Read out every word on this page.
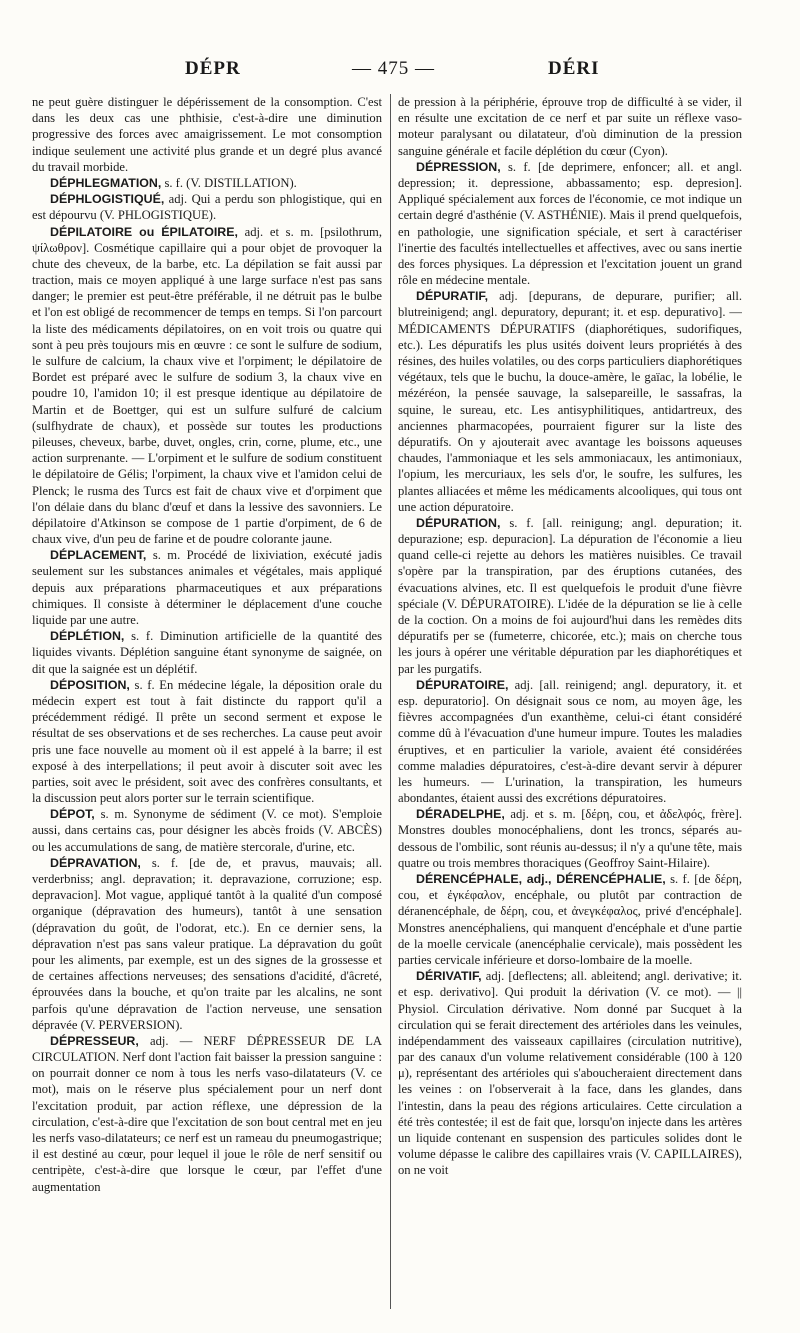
DÉPR	— 475 —	DÉRI

ne peut guère distinguer le dépérissement de la consomption. C'est dans les deux cas une phthisie, c'est-à-dire une diminution progressive des forces avec amaigrissement. Le mot consomption indique seulement une activité plus grande et un degré plus avancé du travail morbide.

DÉPHLEGMATION, s. f. (V. DISTILLATION).

DÉPHLOGISTIQUÉ, adj. Qui a perdu son phlogistique, qui en est dépourvu (V. PHLOGISTIQUE).

DÉPILATOIRE ou ÉPILATOIRE, adj. et s. m. [psilothrum, ψίλωθρον]. Cosmétique capillaire qui a pour objet de provoquer la chute des cheveux, de la barbe, etc. La dépilation se fait aussi par traction, mais ce moyen appliqué à une large surface n'est pas sans danger; le premier est peut-être préférable, il ne détruit pas le bulbe et l'on est obligé de recommencer de temps en temps. Si l'on parcourt la liste des médicaments dépilatoires, on en voit trois ou quatre qui sont à peu près toujours mis en œuvre : ce sont le sulfure de sodium, le sulfure de calcium, la chaux vive et l'orpiment; le dépilatoire de Bordet est préparé avec le sulfure de sodium 3, la chaux vive en poudre 10, l'amidon 10; il est presque identique au dépilatoire de Martin et de Boettger, qui est un sulfure sulfuré de calcium (sulfhydrate de chaux), et possède sur toutes les productions pileuses, cheveux, barbe, duvet, ongles, crin, corne, plume, etc., une action surprenante. — L'orpiment et le sulfure de sodium constituent le dépilatoire de Gélis; l'orpiment, la chaux vive et l'amidon celui de Plenck; le rusma des Turcs est fait de chaux vive et d'orpiment que l'on délaie dans du blanc d'œuf et dans la lessive des savonniers. Le dépilatoire d'Atkinson se compose de 1 partie d'orpiment, de 6 de chaux vive, d'un peu de farine et de poudre colorante jaune.

DÉPLACEMENT, s. m. Procédé de lixiviation, exécuté jadis seulement sur les substances animales et végétales, mais appliqué depuis aux préparations pharmaceutiques et aux préparations chimiques. Il consiste à déterminer le déplacement d'une couche liquide par une autre.

DÉPLÉTION, s. f. Diminution artificielle de la quantité des liquides vivants. Déplétion sanguine étant synonyme de saignée, on dit que la saignée est un déplétif.

DÉPOSITION, s. f. En médecine légale, la déposition orale du médecin expert est tout à fait distincte du rapport qu'il a précédemment rédigé. Il prête un second serment et expose le résultat de ses observations et de ses recherches. La cause peut avoir pris une face nouvelle au moment où il est appelé à la barre; il est exposé à des interpellations; il peut avoir à discuter soit avec les parties, soit avec le président, soit avec des confrères consultants, et la discussion peut alors porter sur le terrain scientifique.

DÉPOT, s. m. Synonyme de sédiment (V. ce mot). S'emploie aussi, dans certains cas, pour désigner les abcès froids (V. ABCÈS) ou les accumulations de sang, de matière stercorale, d'urine, etc.

DÉPRAVATION, s. f. [de de, et pravus, mauvais; all. verderbniss; angl. depravation; it. depravazione, corruzione; esp. depravacion]. Mot vague, appliqué tantôt à la qualité d'un composé organique (dépravation des humeurs), tantôt à une sensation (dépravation du goût, de l'odorat, etc.). En ce dernier sens, la dépravation n'est pas sans valeur pratique. La dépravation du goût pour les aliments, par exemple, est un des signes de la grossesse et de certaines affections nerveuses; des sensations d'acidité, d'âcreté, éprouvées dans la bouche, et qu'on traite par les alcalins, ne sont parfois qu'une dépravation de l'action nerveuse, une sensation dépravée (V. PERVERSION).

DÉPRESSEUR, adj. — NERF DÉPRESSEUR DE LA CIRCULATION. Nerf dont l'action fait baisser la pression sanguine : on pourrait donner ce nom à tous les nerfs vaso-dilatateurs (V. ce mot), mais on le réserve plus spécialement pour un nerf dont l'excitation produit, par action réflexe, une dépression de la circulation, c'est-à-dire que l'excitation de son bout central met en jeu les nerfs vaso-dilatateurs; ce nerf est un rameau du pneumogastrique; il est destiné au cœur, pour lequel il joue le rôle de nerf sensitif ou centripète, c'est-à-dire que lorsque le cœur, par l'effet d'une augmentation

de pression à la périphérie, éprouve trop de difficulté à se vider, il en résulte une excitation de ce nerf et par suite un réflexe vaso-moteur paralysant ou dilatateur, d'où diminution de la pression sanguine générale et facile déplétion du cœur (Cyon).

DÉPRESSION, s. f. [de deprimere, enfoncer; all. et angl. depression; it. depressione, abbassamento; esp. depresion]. Appliqué spécialement aux forces de l'économie, ce mot indique un certain degré d'asthénie (V. ASTHÉNIE). Mais il prend quelquefois, en pathologie, une signification spéciale, et sert à caractériser l'inertie des facultés intellectuelles et affectives, avec ou sans inertie des forces physiques. La dépression et l'excitation jouent un grand rôle en médecine mentale.

DÉPURATIF, adj. [depurans, de depurare, purifier; all. blutreinigend; angl. depuratory, depurant; it. et esp. depurativo]. — MÉDICAMENTS DÉPURATIFS (diaphorétiques, sudorifiques, etc.). Les dépuratifs les plus usités doivent leurs propriétés à des résines, des huiles volatiles, ou des corps particuliers diaphorétiques végétaux, tels que le buchu, la douce-amère, le gaïac, la lobélie, le mézéréon, la pensée sauvage, la salsepareille, le sassafras, la squine, le sureau, etc. Les antisyphilitiques, antidartreux, des anciennes pharmacopées, pourraient figurer sur la liste des dépuratifs. On y ajouterait avec avantage les boissons aqueuses chaudes, l'ammoniaque et les sels ammoniacaux, les antimoniaux, l'opium, les mercuriaux, les sels d'or, le soufre, les sulfures, les plantes alliacées et même les médicaments alcooliques, qui tous ont une action dépuratoire.

DÉPURATION, s. f. [all. reinigung; angl. depuration; it. depurazione; esp. depuracion]. La dépuration de l'économie a lieu quand celle-ci rejette au dehors les matières nuisibles. Ce travail s'opère par la transpiration, par des éruptions cutanées, des évacuations alvines, etc. Il est quelquefois le produit d'une fièvre spéciale (V. DÉPURATOIRE). L'idée de la dépuration se lie à celle de la coction. On a moins de foi aujourd'hui dans les remèdes dits dépuratifs per se (fumeterre, chicorée, etc.); mais on cherche tous les jours à opérer une véritable dépuration par les diaphorétiques et par les purgatifs.

DÉPURATOIRE, adj. [all. reinigend; angl. depuratory, it. et esp. depuratorio]. On désignait sous ce nom, au moyen âge, les fièvres accompagnées d'un exanthème, celui-ci étant considéré comme dû à l'évacuation d'une humeur impure. Toutes les maladies éruptives, et en particulier la variole, avaient été considérées comme maladies dépuratoires, c'est-à-dire devant servir à dépurer les humeurs. — L'urination, la transpiration, les humeurs abondantes, étaient aussi des excrétions dépuratoires.

DÉRADELPHE, adj. et s. m. [δέρη, cou, et ἀδελφός, frère]. Monstres doubles monocéphaliens, dont les troncs, séparés au-dessous de l'ombilic, sont réunis au-dessus; il n'y a qu'une tête, mais quatre ou trois membres thoraciques (Geoffroy Saint-Hilaire).

DÉRENCÉPHALE, adj., DÉRENCÉPHALIE, s. f. [de δέρη, cou, et ἐγκέφαλον, encéphale, ou plutôt par contraction de déranencéphale, de δέρη, cou, et ἀνεγκέφαλος, privé d'encéphale]. Monstres anencéphaliens, qui manquent d'encéphale et d'une partie de la moelle cervicale (anencéphalie cervicale), mais possèdent les parties cervicale inférieure et dorso-lombaire de la moelle.

DÉRIVATIF, adj. [deflectens; all. ableitend; angl. derivative; it. et esp. derivativo]. Qui produit la dérivation (V. ce mot). — || Physiol. Circulation dérivative. Nom donné par Sucquet à la circulation qui se ferait directement des artérioles dans les veinules, indépendamment des vaisseaux capillaires (circulation nutritive), par des canaux d'un volume relativement considérable (100 à 120 μ), représentant des artérioles qui s'aboucheraient directement dans les veines : on l'observerait à la face, dans les glandes, dans l'intestin, dans la peau des régions articulaires. Cette circulation a été très contestée; il est de fait que, lorsqu'on injecte dans les artères un liquide contenant en suspension des particules solides dont le volume dépasse le calibre des capillaires vrais (V. CAPILLAIRES), on ne voit
